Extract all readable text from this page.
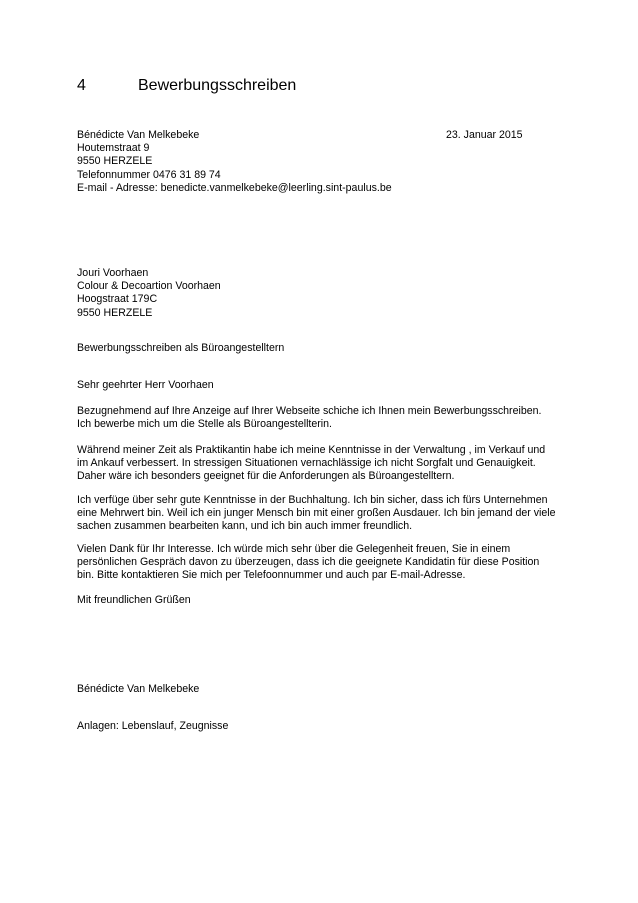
4	Bewerbungsschreiben
Bénédicte Van Melkebeke
Houtemstraat 9
9550 HERZELE
Telefonnummer 0476 31 89 74
E-mail - Adresse: benedicte.vanmelkebeke@leerling.sint-paulus.be
23. Januar 2015
Jouri Voorhaen
Colour & Decoartion Voorhaen
Hoogstraat 179C
9550 HERZELE
Bewerbungsschreiben als Büroangestelltern
Sehr geehrter Herr Voorhaen
Bezugnehmend auf Ihre Anzeige auf Ihrer Webseite schiche ich Ihnen mein Bewerbungsschreiben.
Ich bewerbe mich um die Stelle als Büroangestellterin.
Während meiner Zeit als Praktikantin habe ich meine Kenntnisse in der Verwaltung , im Verkauf und
im Ankauf verbessert. In stressigen Situationen vernachlässige ich nicht Sorgfalt und Genauigkeit.
Daher wäre ich besonders geeignet für die Anforderungen als Büroangestelltern.
Ich verfüge über sehr gute Kenntnisse in der Buchhaltung. Ich bin sicher, dass ich fürs Unternehmen
eine Mehrwert bin. Weil ich ein junger Mensch bin mit einer großen Ausdauer. Ich bin jemand der viele
sachen zusammen bearbeiten kann, und ich bin auch immer freundlich.
Vielen Dank für Ihr Interesse. Ich würde mich sehr über die Gelegenheit freuen, Sie in einem
persönlichen Gespräch davon zu überzeugen, dass ich die geeignete Kandidatin für diese Position
bin. Bitte kontaktieren Sie mich per Telefoonnummer und auch par E-mail-Adresse.
Mit freundlichen Grüßen
Bénédicte Van Melkebeke
Anlagen: Lebenslauf, Zeugnisse
